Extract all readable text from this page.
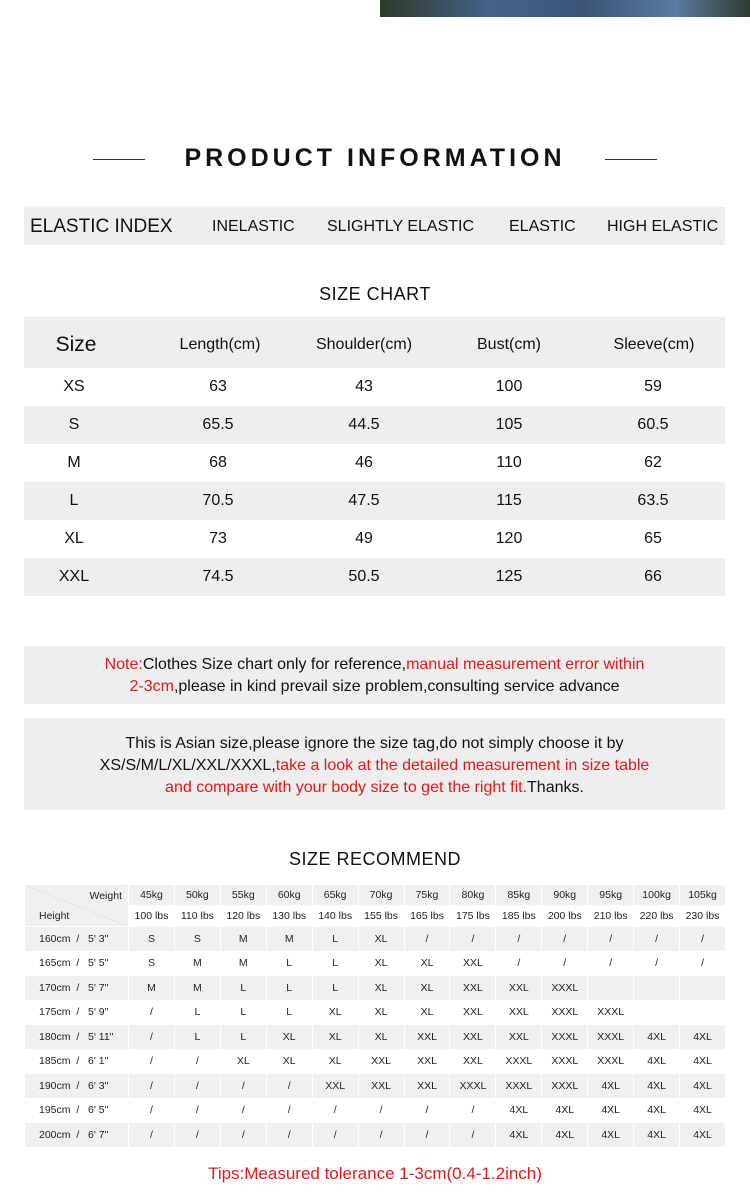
PRODUCT INFORMATION
ELASTIC INDEX INELASTIC SLIGHTLY ELASTIC ELASTIC HIGH ELASTIC
SIZE CHART
Size	Length(cm)	Shoulder(cm)	Bust(cm)	Sleeve(cm)
XS	63	43	100	59
S	65.5	44.5	105	60.5
M	68	46	110	62
L	70.5	47.5	115	63.5
XL	73	49	120	65
XXL	74.5	50.5	125	66
Note:Clothes Size chart only for reference,manual measurement error within
2-3cm,please in kind prevail size problem,consulting service advance
This is Asian size,please ignore the size tag,do not simply choose it by
XS/S/M/L/XL/XXL/XXXL,take a look at the detailed measurement in size table
and compare with your body size to get the right fit.Thanks.
SIZE RECOMMEND
Weight
Height	45kg	50kg	55kg	60kg	65kg	70kg	75kg	80kg	85kg	90kg	95kg	100kg	105kg
	100 lbs	110 lbs	120 lbs	130 lbs	140 lbs	155 lbs	165 lbs	175 lbs	185 lbs	200 lbs	210 lbs	220 lbs	230 lbs
160cm  /   5' 3"	S	S	M	M	L	XL	/	/	/	/	/	/	/
165cm  /   5' 5"	S	M	M	L	L	XL	XL	XXL	/	/	/	/	/
170cm  /   5' 7"	M	M	L	L	L	XL	XL	XXL	XXL	XXXL			
175cm  /   5' 9"	/	L	L	L	XL	XL	XL	XXL	XXL	XXXL	XXXL		
180cm  /   5' 11"	/	L	L	XL	XL	XL	XXL	XXL	XXL	XXXL	XXXL	4XL	4XL
185cm  /   6' 1"	/	/	XL	XL	XL	XXL	XXL	XXL	XXXL	XXXL	XXXL	4XL	4XL
190cm  /   6' 3"	/	/	/	/	XXL	XXL	XXL	XXXL	XXXL	XXXL	4XL	4XL	4XL
195cm  /   6' 5"	/	/	/	/	/	/	/	/	4XL	4XL	4XL	4XL	4XL
200cm  /   6' 7"	/	/	/	/	/	/	/	/	4XL	4XL	4XL	4XL	4XL
Tips:Measured tolerance 1-3cm(0.4-1.2inch)
